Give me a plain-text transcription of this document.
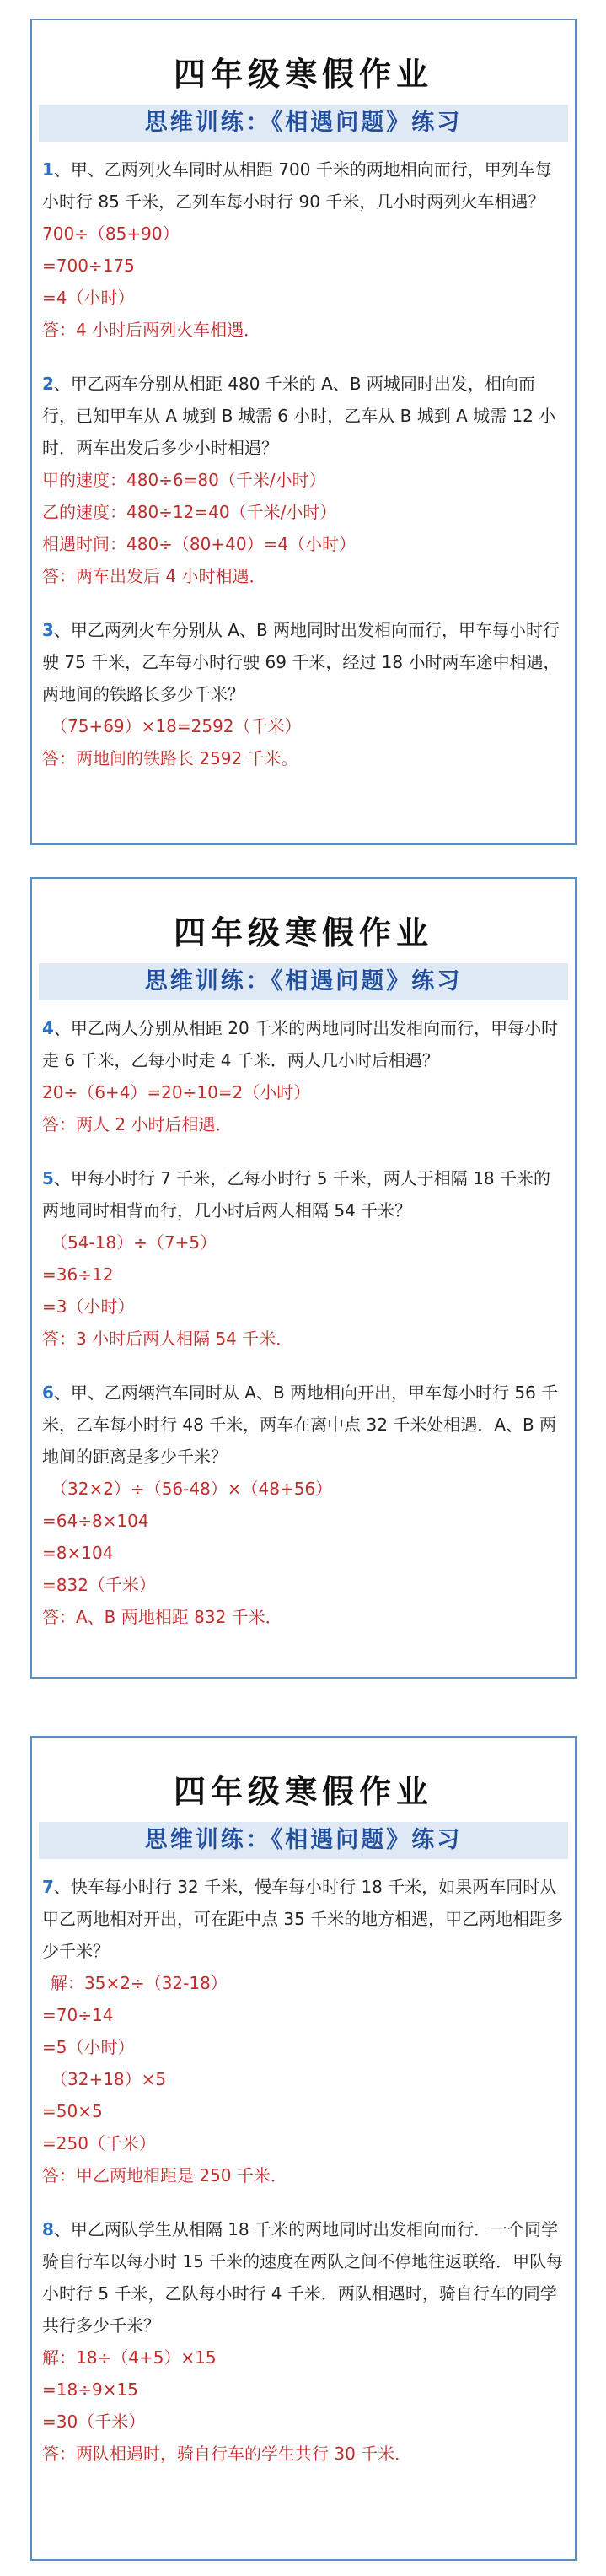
四年级寒假作业
思维训练：《相遇问题》练习
1、甲、乙两列火车同时从相距 700 千米的两地相向而行，甲列车每小时行 85 千米，乙列车每小时行 90 千米，几小时两列火车相遇？
700÷（85+90）
=700÷175
=4（小时）
答：4 小时后两列火车相遇．
2、甲乙两车分别从相距 480 千米的 A、B 两城同时出发，相向而行，已知甲车从 A 城到 B 城需 6 小时，乙车从 B 城到 A 城需 12 小时．两车出发后多少小时相遇？
甲的速度：480÷6=80（千米/小时）
乙的速度：480÷12=40（千米/小时）
相遇时间：480÷（80+40）=4（小时）
答：两车出发后 4 小时相遇．
3、甲乙两列火车分别从 A、B 两地同时出发相向而行，甲车每小时行驶 75 千米，乙车每小时行驶 69 千米，经过 18 小时两车途中相遇，两地间的铁路长多少千米？
（75+69）×18=2592（千米）
答：两地间的铁路长 2592 千米。
四年级寒假作业
思维训练：《相遇问题》练习
4、甲乙两人分别从相距 20 千米的两地同时出发相向而行，甲每小时走 6 千米，乙每小时走 4 千米．两人几小时后相遇？
20÷（6+4）=20÷10=2（小时）
答：两人 2 小时后相遇．
5、甲每小时行 7 千米，乙每小时行 5 千米，两人于相隔 18 千米的两地同时相背而行，几小时后两人相隔 54 千米？
（54-18）÷（7+5）
=36÷12
=3（小时）
答：3 小时后两人相隔 54 千米．
6、甲、乙两辆汽车同时从 A、B 两地相向开出，甲车每小时行 56 千米，乙车每小时行 48 千米，两车在离中点 32 千米处相遇．A、B 两地间的距离是多少千米？
（32×2）÷（56-48）×（48+56）
=64÷8×104
=8×104
=832（千米）
答：A、B 两地相距 832 千米．
四年级寒假作业
思维训练：《相遇问题》练习
7、快车每小时行 32 千米，慢车每小时行 18 千米，如果两车同时从甲乙两地相对开出，可在距中点 35 千米的地方相遇，甲乙两地相距多少千米？
解：35×2÷（32-18）
=70÷14
=5（小时）
（32+18）×5
=50×5
=250（千米）
答：甲乙两地相距是 250 千米．
8、甲乙两队学生从相隔 18 千米的两地同时出发相向而行．一个同学骑自行车以每小时 15 千米的速度在两队之间不停地往返联络．甲队每小时行 5 千米，乙队每小时行 4 千米．两队相遇时，骑自行车的同学共行多少千米？
解：18÷（4+5）×15
=18÷9×15
=30（千米）
答：两队相遇时，骑自行车的学生共行 30 千米．
